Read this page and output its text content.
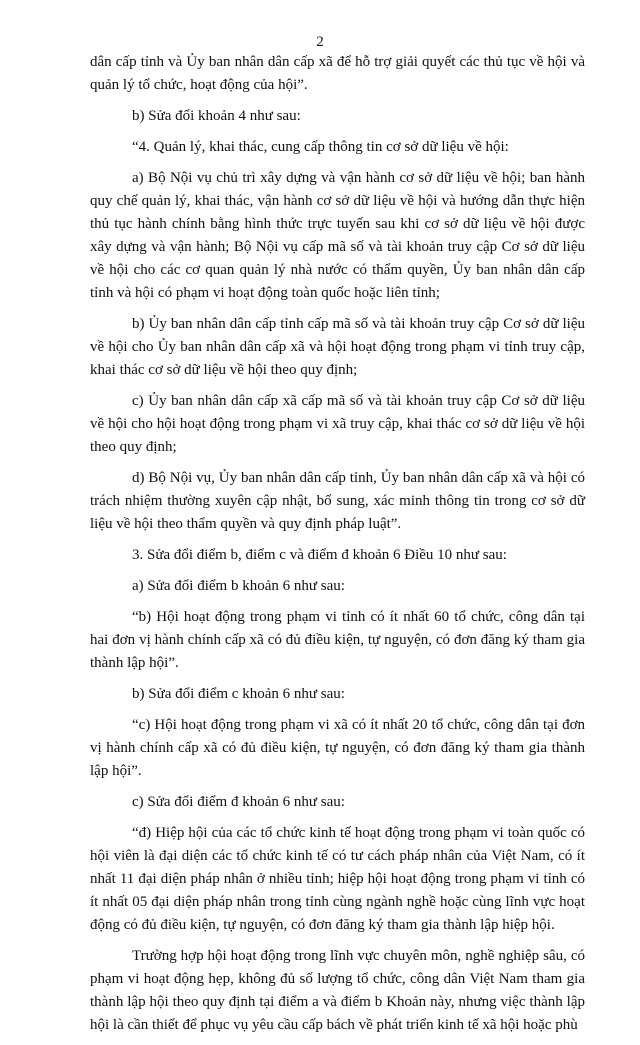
2

dân cấp tỉnh và Ủy ban nhân dân cấp xã để hỗ trợ giải quyết các thủ tục về hội và quản lý tổ chức, hoạt động của hội”.

b) Sửa đổi khoản 4 như sau:

“4. Quản lý, khai thác, cung cấp thông tin cơ sở dữ liệu về hội:

a) Bộ Nội vụ chủ trì xây dựng và vận hành cơ sở dữ liệu về hội; ban hành quy chế quản lý, khai thác, vận hành cơ sở dữ liệu về hội và hướng dẫn thực hiện thủ tục hành chính bằng hình thức trực tuyến sau khi cơ sở dữ liệu về hội được xây dựng và vận hành; Bộ Nội vụ cấp mã số và tài khoản truy cập Cơ sở dữ liệu về hội cho các cơ quan quản lý nhà nước có thẩm quyền, Ủy ban nhân dân cấp tỉnh và hội có phạm vi hoạt động toàn quốc hoặc liên tỉnh;

b) Ủy ban nhân dân cấp tỉnh cấp mã số và tài khoản truy cập Cơ sở dữ liệu về hội cho Ủy ban nhân dân cấp xã và hội hoạt động trong phạm vi tỉnh truy cập, khai thác cơ sở dữ liệu về hội theo quy định;

c) Ủy ban nhân dân cấp xã cấp mã số và tài khoản truy cập Cơ sở dữ liệu về hội cho hội hoạt động trong phạm vi xã truy cập, khai thác cơ sở dữ liệu về hội theo quy định;

d) Bộ Nội vụ, Ủy ban nhân dân cấp tỉnh, Ủy ban nhân dân cấp xã và hội có trách nhiệm thường xuyên cập nhật, bổ sung, xác minh thông tin trong cơ sở dữ liệu về hội theo thẩm quyền và quy định pháp luật”.

3. Sửa đổi điểm b, điểm c và điểm đ khoản 6 Điều 10 như sau:

a) Sửa đổi điểm b khoản 6 như sau:

“b) Hội hoạt động trong phạm vi tỉnh có ít nhất 60 tổ chức, công dân tại hai đơn vị hành chính cấp xã có đủ điều kiện, tự nguyện, có đơn đăng ký tham gia thành lập hội”.

b) Sửa đổi điểm c khoản 6 như sau:

“c) Hội hoạt động trong phạm vi xã có ít nhất 20 tổ chức, công dân tại đơn vị hành chính cấp xã có đủ điều kiện, tự nguyện, có đơn đăng ký tham gia thành lập hội”.

c) Sửa đổi điểm đ khoản 6 như sau:

“đ) Hiệp hội của các tổ chức kinh tế hoạt động trong phạm vi toàn quốc có hội viên là đại diện các tổ chức kinh tế có tư cách pháp nhân của Việt Nam, có ít nhất 11 đại diện pháp nhân ở nhiều tỉnh; hiệp hội hoạt động trong phạm vi tỉnh có ít nhất 05 đại diện pháp nhân trong tỉnh cùng ngành nghề hoặc cùng lĩnh vực hoạt động có đủ điều kiện, tự nguyện, có đơn đăng ký tham gia thành lập hiệp hội.

Trường hợp hội hoạt động trong lĩnh vực chuyên môn, nghề nghiệp sâu, có phạm vi hoạt động hẹp, không đủ số lượng tổ chức, công dân Việt Nam tham gia thành lập hội theo quy định tại điểm a và điểm b Khoản này, nhưng việc thành lập hội là cần thiết để phục vụ yêu cầu cấp bách về phát triển kinh tế xã hội hoặc phù
